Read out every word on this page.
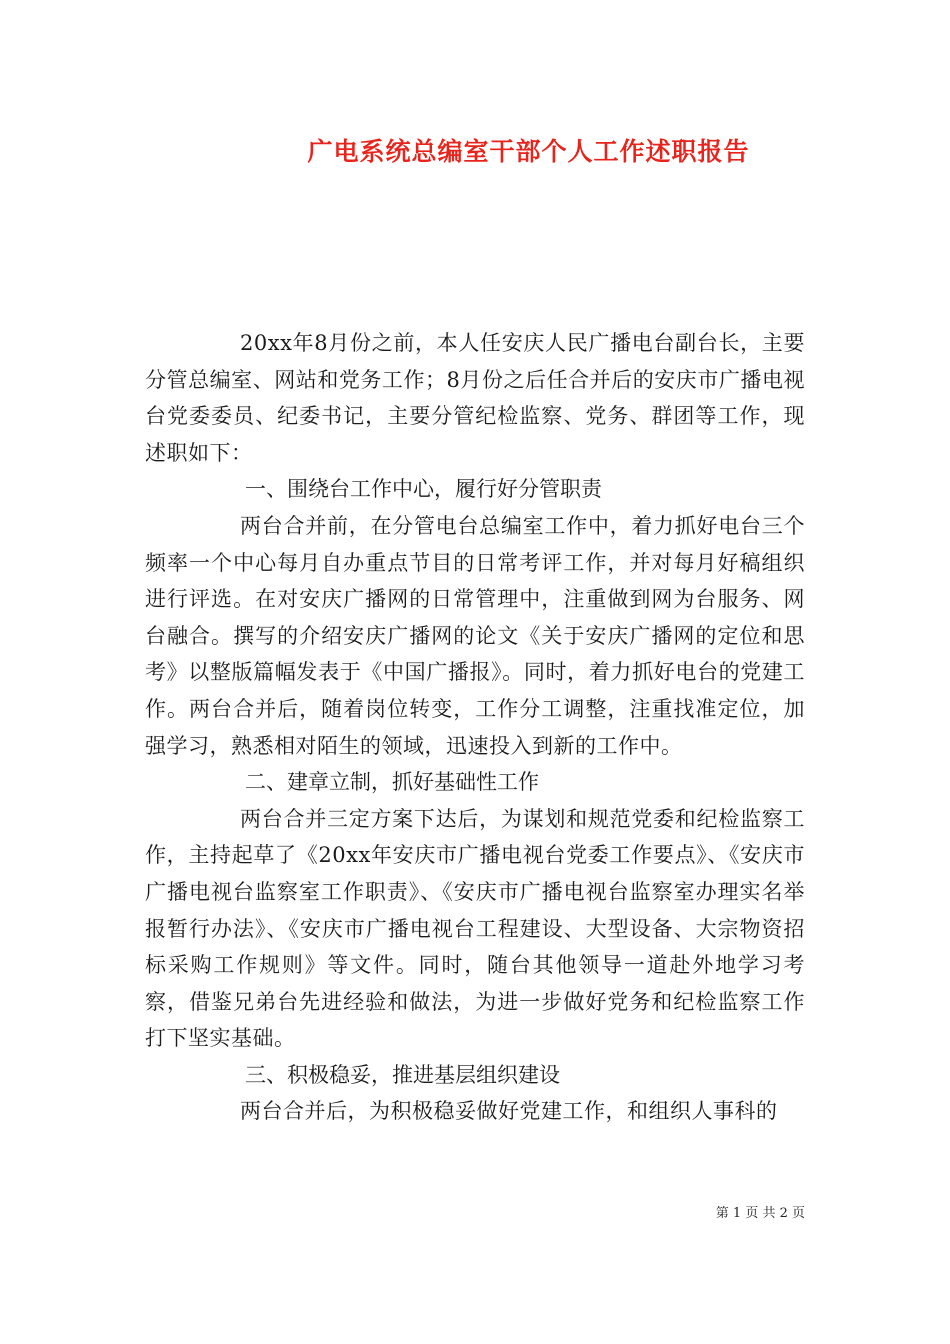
广电系统总编室干部个人工作述职报告

20xx年8月份之前，本人任安庆人民广播电台副台长，主要分管总编室、网站和党务工作；8月份之后任合并后的安庆市广播电视台党委委员、纪委书记，主要分管纪检监察、党务、群团等工作，现述职如下：

一、围绕台工作中心，履行好分管职责

两台合并前，在分管电台总编室工作中，着力抓好电台三个频率一个中心每月自办重点节目的日常考评工作，并对每月好稿组织进行评选。在对安庆广播网的日常管理中，注重做到网为台服务、网台融合。撰写的介绍安庆广播网的论文《关于安庆广播网的定位和思考》以整版篇幅发表于《中国广播报》。同时，着力抓好电台的党建工作。两台合并后，随着岗位转变，工作分工调整，注重找准定位，加强学习，熟悉相对陌生的领域，迅速投入到新的工作中。

二、建章立制，抓好基础性工作

两台合并三定方案下达后，为谋划和规范党委和纪检监察工作，主持起草了《20xx年安庆市广播电视台党委工作要点》、《安庆市广播电视台监察室工作职责》、《安庆市广播电视台监察室办理实名举报暂行办法》、《安庆市广播电视台工程建设、大型设备、大宗物资招标采购工作规则》等文件。同时，随台其他领导一道赴外地学习考察，借鉴兄弟台先进经验和做法，为进一步做好党务和纪检监察工作打下坚实基础。

三、积极稳妥，推进基层组织建设

两台合并后，为积极稳妥做好党建工作，和组织人事科的

第 1 页 共 2 页
